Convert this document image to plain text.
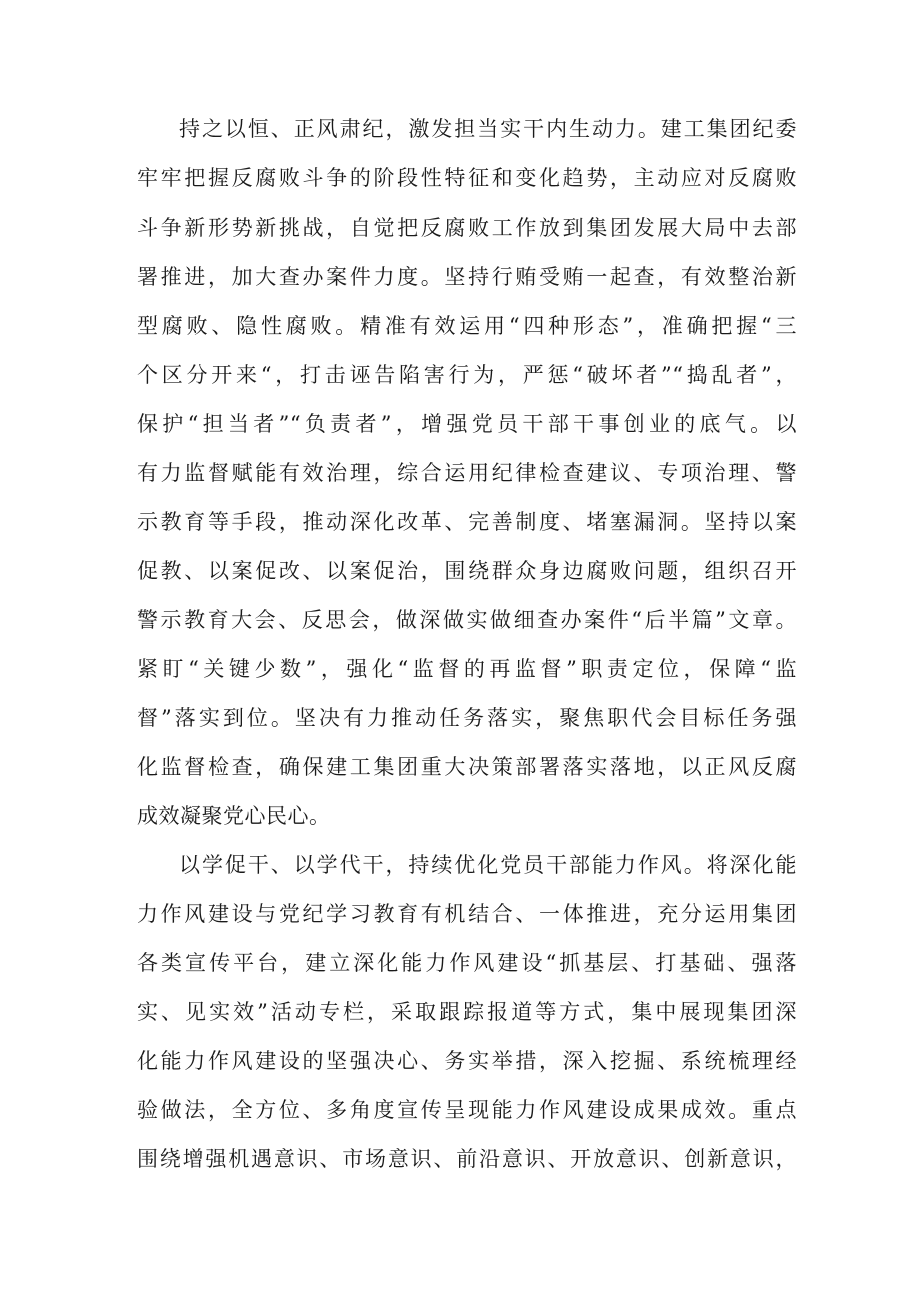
持之以恒、正风肃纪，激发担当实干内生动力。建工集团纪委
牢牢把握反腐败斗争的阶段性特征和变化趋势，主动应对反腐败
斗争新形势新挑战，自觉把反腐败工作放到集团发展大局中去部
署推进，加大查办案件力度。坚持行贿受贿一起查，有效整治新
型腐败、隐性腐败。精准有效运用“四种形态”，准确把握“三
个区分开来“，打击诬告陷害行为，严惩“破坏者”“捣乱者”，
保护“担当者”“负责者”，增强党员干部干事创业的底气。以
有力监督赋能有效治理，综合运用纪律检查建议、专项治理、警
示教育等手段，推动深化改革、完善制度、堵塞漏洞。坚持以案
促教、以案促改、以案促治，围绕群众身边腐败问题，组织召开
警示教育大会、反思会，做深做实做细查办案件“后半篇”文章。
紧盯“关键少数”，强化“监督的再监督”职责定位，保障“监
督”落实到位。坚决有力推动任务落实，聚焦职代会目标任务强
化监督检查，确保建工集团重大决策部署落实落地，以正风反腐
成效凝聚党心民心。
以学促干、以学代干，持续优化党员干部能力作风。将深化能
力作风建设与党纪学习教育有机结合、一体推进，充分运用集团
各类宣传平台，建立深化能力作风建设“抓基层、打基础、强落
实、见实效”活动专栏，采取跟踪报道等方式，集中展现集团深
化能力作风建设的坚强决心、务实举措，深入挖掘、系统梳理经
验做法，全方位、多角度宣传呈现能力作风建设成果成效。重点
围绕增强机遇意识、市场意识、前沿意识、开放意识、创新意识，
